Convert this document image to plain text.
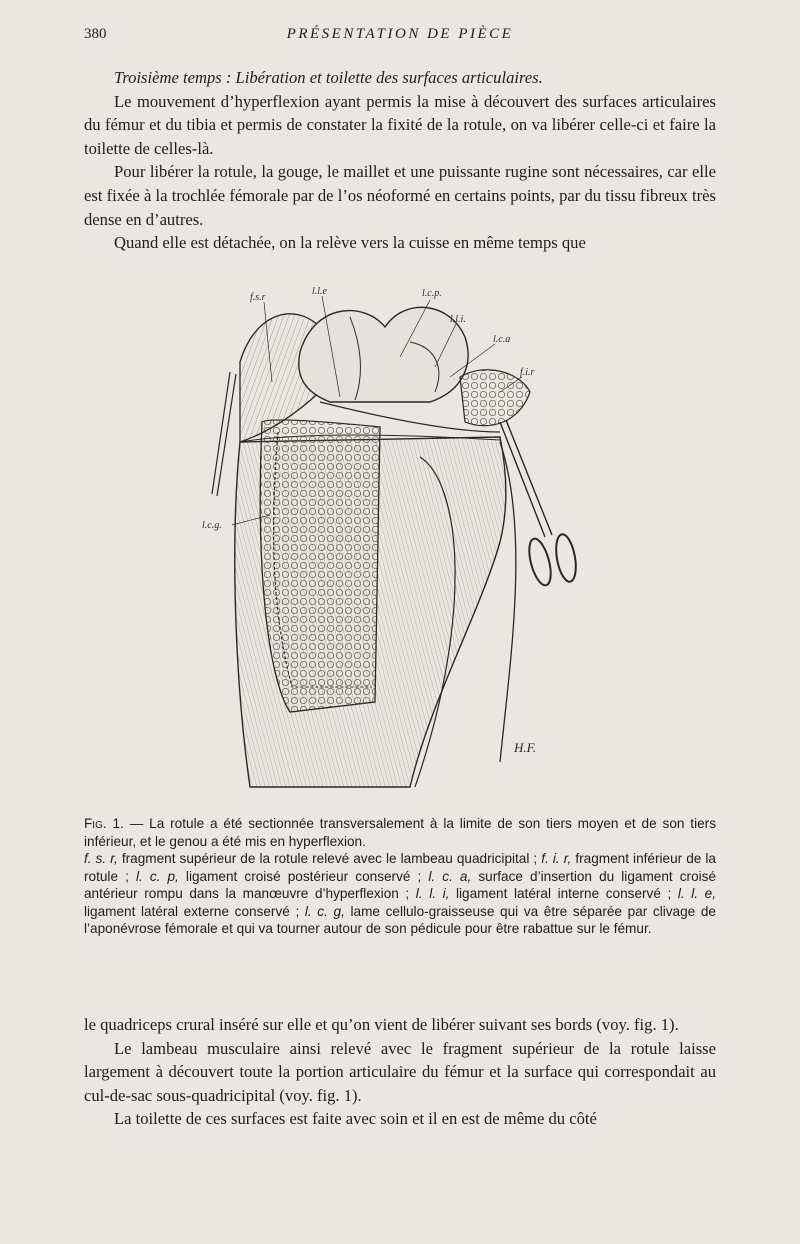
380	PRÉSENTATION DE PIÈCE

Troisième temps : Libération et toilette des surfaces articulaires.

Le mouvement d’hyperflexion ayant permis la mise à découvert des surfaces articulaires du fémur et du tibia et permis de constater la fixité de la rotule, on va libérer celle-ci et faire la toilette de celles-là.

Pour libérer la rotule, la gouge, le maillet et une puissante rugine sont nécessaires, car elle est fixée à la trochlée fémorale par de l’os néoformé en certains points, par du tissu fibreux très dense en d’autres.

Quand elle est détachée, on la relève vers la cuisse en même temps que

f.s.r
l.l.e	l.c.p.
l.l.i.
l.c.a
f.i.r
l.c.g.
H.F.

Fig. 1. — La rotule a été sectionnée transversalement à la limite de son tiers moyen et de son tiers inférieur, et le genou a été mis en hyperflexion.

f. s. r, fragment supérieur de la rotule relevé avec le lambeau quadricipital ; f. i. r, fragment inférieur de la rotule ; l. c. p, ligament croisé postérieur conservé ; l. c. a, surface d’insertion du ligament croisé antérieur rompu dans la manœuvre d’hyperflexion ; l. l. i, ligament latéral interne conservé ; l. l. e, ligament latéral externe conservé ; l. c. g, lame cellulo-graisseuse qui va être séparée par clivage de l’aponévrose fémorale et qui va tourner autour de son pédicule pour être rabattue sur le fémur.

le quadriceps crural inséré sur elle et qu’on vient de libérer suivant ses bords (voy. fig. 1).

Le lambeau musculaire ainsi relevé avec le fragment supérieur de la rotule laisse largement à découvert toute la portion articulaire du fémur et la surface qui correspondait au cul-de-sac sous-quadricipital (voy. fig. 1).

La toilette de ces surfaces est faite avec soin et il en est de même du côté
